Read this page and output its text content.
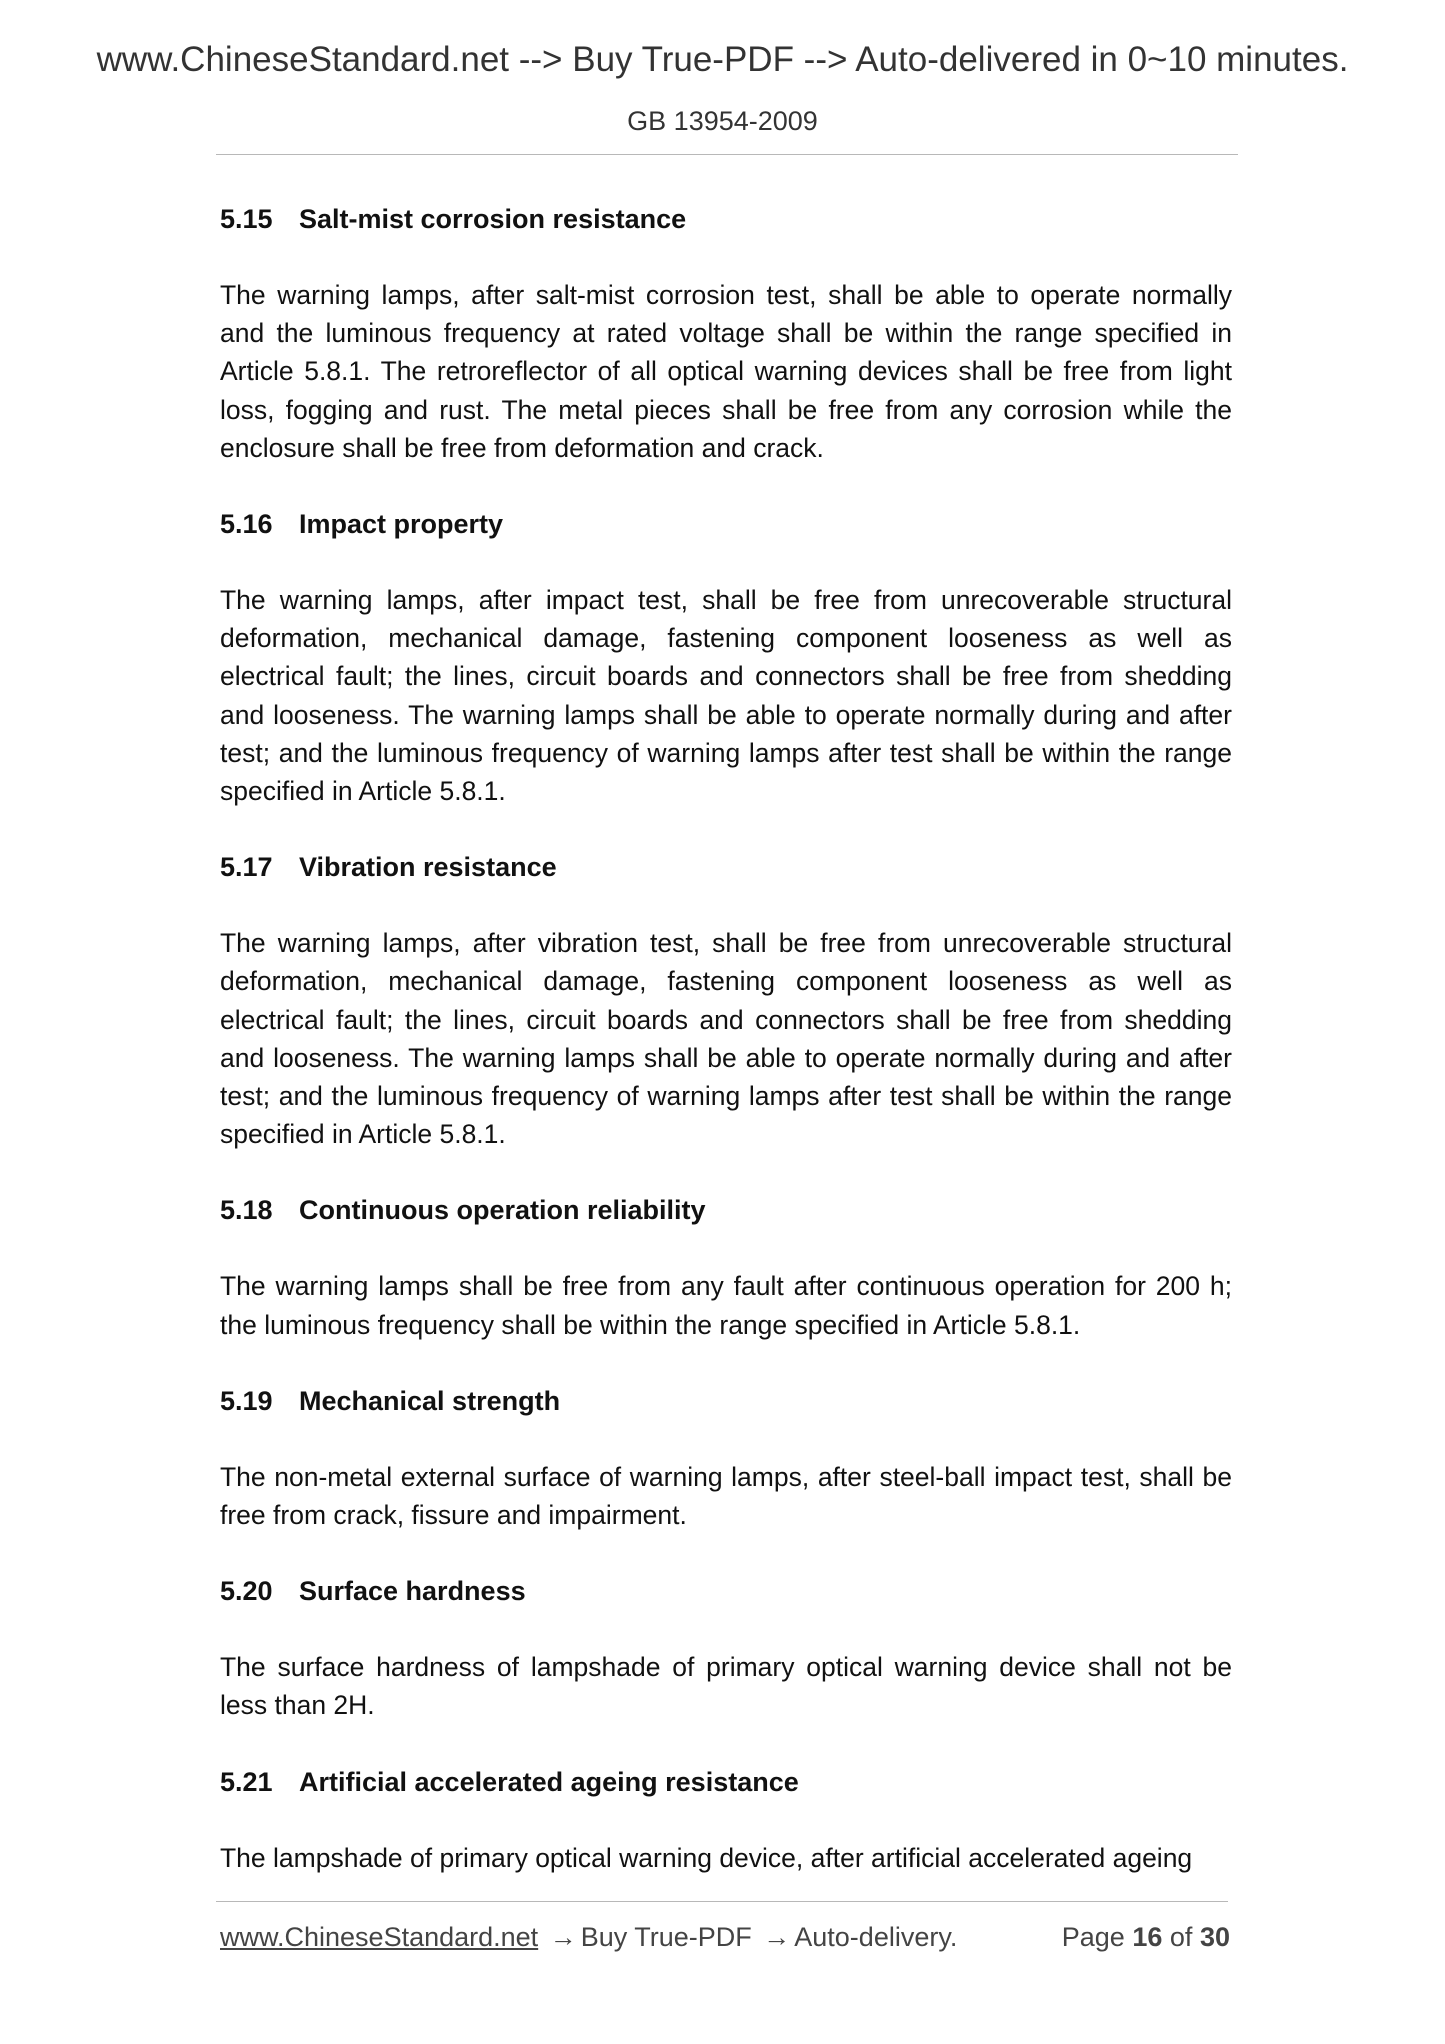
www.ChineseStandard.net --> Buy True-PDF --> Auto-delivered in 0~10 minutes.
GB 13954-2009
5.15 Salt-mist corrosion resistance

The warning lamps, after salt-mist corrosion test, shall be able to operate normally and the luminous frequency at rated voltage shall be within the range specified in Article 5.8.1. The retroreflector of all optical warning devices shall be free from light loss, fogging and rust. The metal pieces shall be free from any corrosion while the enclosure shall be free from deformation and crack.

5.16 Impact property

The warning lamps, after impact test, shall be free from unrecoverable structural deformation, mechanical damage, fastening component looseness as well as electrical fault; the lines, circuit boards and connectors shall be free from shedding and looseness. The warning lamps shall be able to operate normally during and after test; and the luminous frequency of warning lamps after test shall be within the range specified in Article 5.8.1.

5.17 Vibration resistance

The warning lamps, after vibration test, shall be free from unrecoverable structural deformation, mechanical damage, fastening component looseness as well as electrical fault; the lines, circuit boards and connectors shall be free from shedding and looseness. The warning lamps shall be able to operate normally during and after test; and the luminous frequency of warning lamps after test shall be within the range specified in Article 5.8.1.

5.18 Continuous operation reliability

The warning lamps shall be free from any fault after continuous operation for 200 h; the luminous frequency shall be within the range specified in Article 5.8.1.

5.19 Mechanical strength

The non-metal external surface of warning lamps, after steel-ball impact test, shall be free from crack, fissure and impairment.

5.20 Surface hardness

The surface hardness of lampshade of primary optical warning device shall not be less than 2H.

5.21 Artificial accelerated ageing resistance

The lampshade of primary optical warning device, after artificial accelerated ageing

www.ChineseStandard.net → Buy True-PDF → Auto-delivery.	Page 16 of 30
